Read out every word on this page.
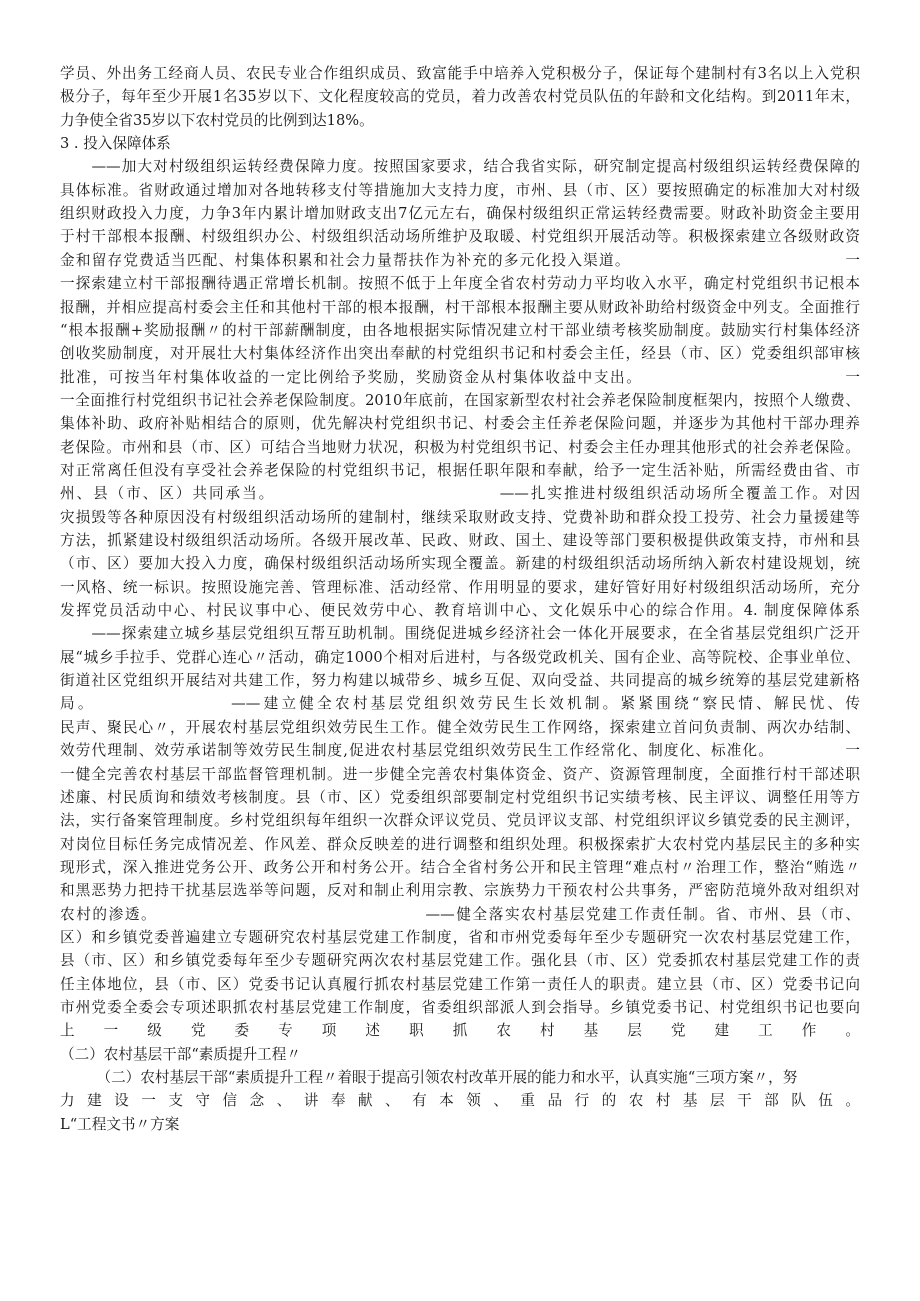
学员、外出务工经商人员、农民专业合作组织成员、致富能手中培养入党积极分子，保证每个建制村有3名以上入党积
极分子，每年至少开展1名35岁以下、文化程度较高的党员，着力改善农村党员队伍的年龄和文化结构。到2011年末，
力争使全省35岁以下农村党员的比例到达18%。
3 . 投入保障体系
　　——加大对村级组织运转经费保障力度。按照国家要求，结合我省实际，研究制定提高村级组织运转经费保障的
具体标准。省财政通过增加对各地转移支付等措施加大支持力度，市州、县（市、区）要按照确定的标准加大对村级
组织财政投入力度，力争3年内累计增加财政支出7亿元左右，确保村级组织正常运转经费需要。财政补助资金主要用
于村干部根本报酬、村级组织办公、村级组织活动场所维护及取暖、村党组织开展活动等。积极探索建立各级财政资
金和留存党费适当匹配、村集体积累和社会力量帮扶作为补充的多元化投入渠道。　　　　　　　　　　　　　　一
一探索建立村干部报酬待遇正常增长机制。按照不低于上年度全省农村劳动力平均收入水平，确定村党组织书记根本
报酬，并相应提高村委会主任和其他村干部的根本报酬，村干部根本报酬主要从财政补助给村级资金中列支。全面推行
“根本报酬+奖励报酬〃的村干部薪酬制度，由各地根据实际情况建立村干部业绩考核奖励制度。鼓励实行村集体经济
创收奖励制度，对开展壮大村集体经济作出突出奉献的村党组织书记和村委会主任，经县（市、区）党委组织部审核
批准，可按当年村集体收益的一定比例给予奖励，奖励资金从村集体收益中支出。　　　　　　　　　　　　　一
一全面推行村党组织书记社会养老保险制度。2010年底前，在国家新型农村社会养老保险制度框架内，按照个人缴费、
集体补助、政府补贴相结合的原则，优先解决村党组织书记、村委会主任养老保险问题，并逐步为其他村干部办理养
老保险。市州和县（市、区）可结合当地财力状况，积极为村党组织书记、村委会主任办理其他形式的社会养老保险。
对正常离任但没有享受社会养老保险的村党组织书记，根据任职年限和奉献，给予一定生活补贴，所需经费由省、市
州、县（市、区）共同承当。　　　　　　　　　　　　　　——扎实推进村级组织活动场所全覆盖工作。对因
灾损毁等各种原因没有村级组织活动场所的建制村，继续采取财政支持、党费补助和群众投工投劳、社会力量援建等
方法，抓紧建设村级组织活动场所。各级开展改革、民政、财政、国土、建设等部门要积极提供政策支持，市州和县
（市、区）要加大投入力度，确保村级组织活动场所实现全覆盖。新建的村级组织活动场所纳入新农村建设规划，统
一风格、统一标识。按照设施完善、管理标准、活动经常、作用明显的要求，建好管好用好村级组织活动场所，充分
发挥党员活动中心、村民议事中心、便民效劳中心、教育培训中心、文化娱乐中心的综合作用。4. 制度保障体系
　　——探索建立城乡基层党组织互帮互助机制。围绕促进城乡经济社会一体化开展要求，在全省基层党组织广泛开
展“城乡手拉手、党群心连心〃活动，确定1000个相对后进村，与各级党政机关、国有企业、高等院校、企事业单位、
街道社区党组织开展结对共建工作，努力构建以城带乡、城乡互促、双向受益、共同提高的城乡统筹的基层党建新格
局。　　　　　　　　——建立健全农村基层党组织效劳民生长效机制。紧紧围绕“察民情、解民忧、传
民声、聚民心〃，开展农村基层党组织效劳民生工作。健全效劳民生工作网络，探索建立首问负责制、两次办结制、
效劳代理制、效劳承诺制等效劳民生制度,促进农村基层党组织效劳民生工作经常化、制度化、标准化。　　　　　一
一健全完善农村基层干部监督管理机制。进一步健全完善农村集体资金、资产、资源管理制度，全面推行村干部述职
述廉、村民质询和绩效考核制度。县（市、区）党委组织部要制定村党组织书记实绩考核、民主评议、调整任用等方
法，实行备案管理制度。乡村党组织每年组织一次群众评议党员、党员评议支部、村党组织评议乡镇党委的民主测评，
对岗位目标任务完成情况差、作风差、群众反映差的进行调整和组织处理。积极探索扩大农村党内基层民主的多种实
现形式，深入推进党务公开、政务公开和村务公开。结合全省村务公开和民主管理“难点村〃治理工作，整治“贿选〃
和黑恶势力把持干扰基层选举等问题，反对和制止利用宗教、宗族势力干预农村公共事务，严密防范境外敌对组织对
农村的渗透。　　　　　　　　　　　　　　　　　——健全落实农村基层党建工作责任制。省、市州、县（市、
区）和乡镇党委普遍建立专题研究农村基层党建工作制度，省和市州党委每年至少专题研究一次农村基层党建工作，
县（市、区）和乡镇党委每年至少专题研究两次农村基层党建工作。强化县（市、区）党委抓农村基层党建工作的责
任主体地位，县（市、区）党委书记认真履行抓农村基层党建工作第一责任人的职责。建立县（市、区）党委书记向
市州党委全委会专项述职抓农村基层党建工作制度，省委组织部派人到会指导。乡镇党委书记、村党组织书记也要向
上一级党委专项述职抓农村基层党建工作。
（二）农村基层干部“素质提升工程〃
　　　（二）农村基层干部“素质提升工程〃着眼于提高引领农村改革开展的能力和水平，认真实施“三项方案〃，努
力建设一支守信念、讲奉献、有本领、重品行的农村基层干部队伍。
L“工程文书〃方案
